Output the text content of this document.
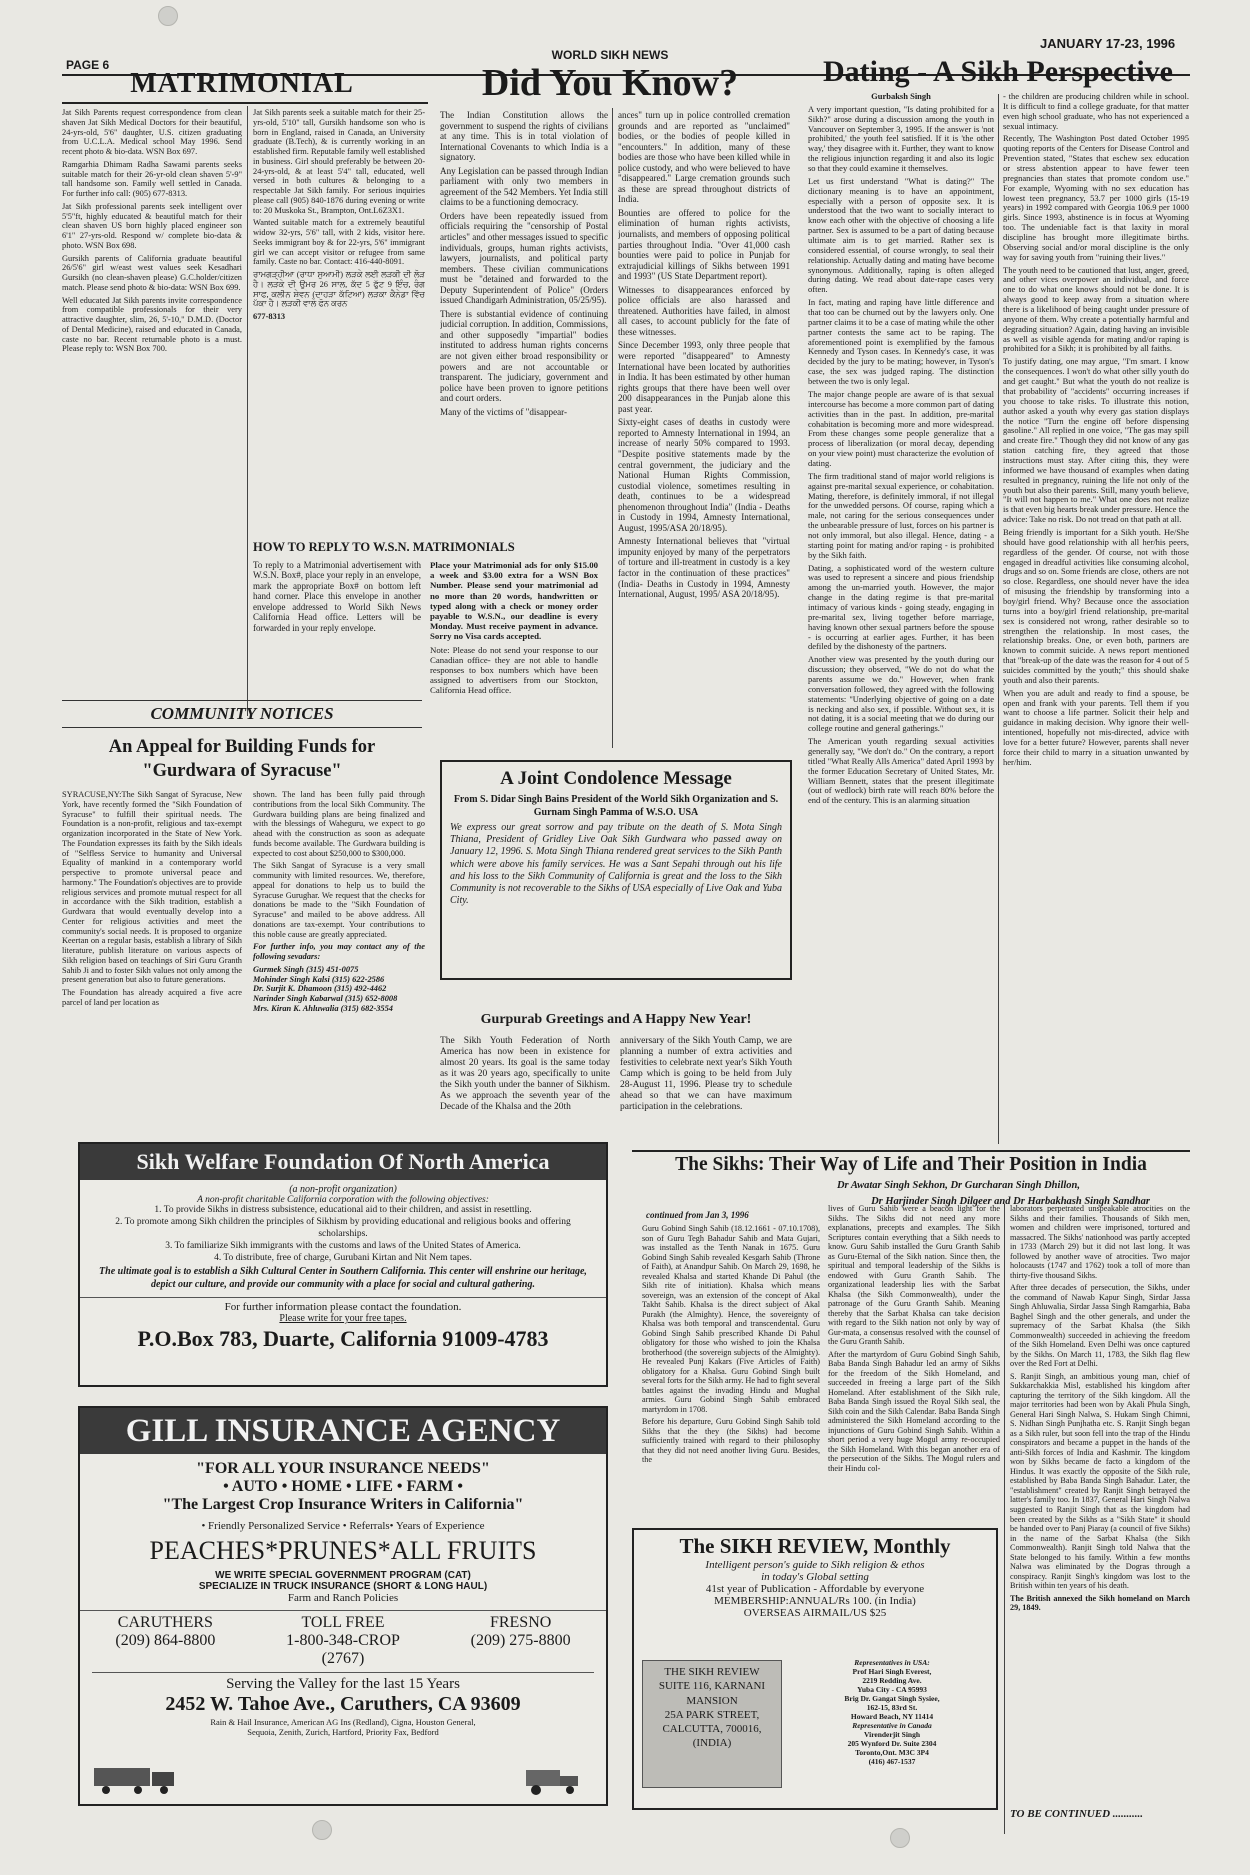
PAGE 6
WORLD SIKH NEWS
JANUARY 17-23, 1996
MATRIMONIAL

Jat Sikh Parents request correspondence from clean shaven Jat Sikh Medical Doctors for their beautiful, 24-yrs-old, 5'6" daughter, U.S. citizen graduating from U.C.L.A. Medical school May 1996. Send recent photo & bio-data. WSN Box 697.

Ramgarhia Dhimam Radha Sawami parents seeks suitable match for their 26-yr-old clean shaven 5'-9" tall handsome son. Family well settled in Canada. For further info call: (905) 677-8313.

Jat Sikh professional parents seek intelligent over 5'5"ft, highly educated & beautiful match for their clean shaven US born highly placed engineer son 6'1" 27-yrs-old. Respond w/ complete bio-data & photo. WSN Box 698.

Gursikh parents of California graduate beautiful 26/5'6" girl w/east west values seek Kesadhari Gursikh (no clean-shaven please) G.C.holder/citizen match. Please send photo & bio-data: WSN Box 699.

Well educated Jat Sikh parents invite correspondence from compatible professionals for their very attractive daughter, slim, 26, 5'-10," D.M.D. (Doctor of Dental Medicine), raised and educated in Canada, caste no bar. Recent returnable photo is a must. Please reply to: WSN Box 700.

Jat Sikh parents seek a suitable match for their 25-yrs-old, 5'10" tall, Gursikh handsome son who is born in England, raised in Canada, an University graduate (B.Tech), & is currently working in an established firm. Reputable family well established in business. Girl should preferably be between 20-24-yrs-old, & at least 5'4" tall, educated, well versed in both cultures & belonging to a respectable Jat Sikh family. For serious inquiries please call (905) 840-1876 during evening or write to: 20 Muskoka St., Brampton, Ont.L6Z3X1.

Wanted suitable match for a extremely beautiful widow 32-yrs, 5'6" tall, with 2 kids, visitor here. Seeks immigrant boy & for 22-yrs, 5'6" immigrant girl we can accept visitor or refugee from same family. Caste no bar. Contact: 416-440-8091.

ਰਾਮਗੜ੍ਹੀਆ (ਰਾਧਾ ਸੁਆਮੀ) ਲੜਕੇ ਲਈ ਲੜਕੀ ਦੀ ਲੋੜ ਹੈ। ਲੜਕੇ ਦੀ ਉਮਰ 26 ਸਾਲ, ਕੱਦ 5 ਫੁੱਟ 9 ਇੰਚ, ਰੰਗ ਸਾਫ, ਕਲੀਨ ਸ਼ੇਵਨ (ਦਾਹੜਾ ਕੱਟਿਆ) ਲੜਕਾ ਕੈਨੇਡਾ ਵਿੱਚ ਪੱਕਾ ਹੈ। ਲੜਕੀ ਵਾਲੇ ਫੋਨ ਕਰਨ

677-8313

HOW TO REPLY TO W.S.N. MATRIMONIALS
To reply to a Matrimonial advertisement with W.S.N. Box#, place your reply in an envelope, mark the appropriate Box# on bottom left hand corner. Place this envelope in another envelope addressed to World Sikh News California Head office. Letters will be forwarded in your reply envelope.

Place your Matrimonial ads for only $15.00 a week and $3.00 extra for a WSN Box Number. Please send your matrimonial ad no more than 20 words, handwritten or typed along with a check or money order payable to W.S.N., our deadline is every Monday. Must receive payment in advance. Sorry no Visa cards accepted.

Note: Please do not send your response to our Canadian office- they are not able to handle responses to box numbers which have been assigned to advertisers from our Stockton, California Head office.

COMMUNITY NOTICES
An Appeal for Building Funds for "Gurdwara of Syracuse"

SYRACUSE,NY:The Sikh Sangat of Syracuse, New York, have recently formed the "Sikh Foundation of Syracuse" to fulfill their spiritual needs. The Foundation is a non-profit, religious and tax-exempt organization incorporated in the State of New York. The Foundation expresses its faith by the Sikh ideals of "Selfless Service to humanity and Universal Equality of mankind in a contemporary world perspective to promote universal peace and harmony." The Foundation's objectives are to provide religious services and promote mutual respect for all in accordance with the Sikh tradition, establish a Gurdwara that would eventually develop into a Center for religious activities and meet the community's social needs. It is proposed to organize Keertan on a regular basis, establish a library of Sikh literature, publish literature on various aspects of Sikh religion based on teachings of Siri Guru Granth Sahib Ji and to foster Sikh values not only among the present generation but also to future generations.

The Foundation has already acquired a five acre parcel of land per location as

shown. The land has been fully paid through contributions from the local Sikh Community. The Gurdwara building plans are being finalized and with the blessings of Waheguru, we expect to go ahead with the construction as soon as adequate funds become available. The Gurdwara building is expected to cost about $250,000 to $300,000.

The Sikh Sangat of Syracuse is a very small community with limited resources. We, therefore, appeal for donations to help us to build the Syracuse Gurughar. We request that the checks for donations be made to the "Sikh Foundation of Syracuse" and mailed to be above address. All donations are tax-exempt. Your contributions to this noble cause are greatly appreciated.

For further info, you may contact any of the following sevadars:

Gurmek Singh (315) 451-0075
Mohinder Singh Kalsi (315) 622-2586
Dr. Surjit K. Dhamoon (315) 492-4462
Narinder Singh Kabarwal (315) 652-8008
Mrs. Kiran K. Ahluwalia (315) 682-3554
Did You Know?

The Indian Constitution allows the government to suspend the rights of civilians at any time. This is in total violation of International Covenants to which India is a signatory.

Any Legislation can be passed through Indian parliament with only two members in agreement of the 542 Members. Yet India still claims to be a functioning democracy.

Orders have been repeatedly issued from officials requiring the "censorship of Postal articles" and other messages issued to specific individuals, groups, human rights activists, lawyers, journalists, and political party members. These civilian communications must be "detained and forwarded to the Deputy Superintendent of Police" (Orders issued Chandigarh Administration, 05/25/95).

There is substantial evidence of continuing judicial corruption. In addition, Commissions, and other supposedly "impartial" bodies instituted to address human rights concerns are not given either broad responsibility or powers and are not accountable or transparent. The judiciary, government and police have been proven to ignore petitions and court orders.

Many of the victims of "disappear-

ances" turn up in police controlled cremation grounds and are reported as "unclaimed" bodies, or the bodies of people killed in "encounters." In addition, many of these bodies are those who have been killed while in police custody, and who were believed to have "disappeared." Large cremation grounds such as these are spread throughout districts of India.

Bounties are offered to police for the elimination of human rights activists, journalists, and members of opposing political parties throughout India. "Over 41,000 cash bounties were paid to police in Punjab for extrajudicial killings of Sikhs between 1991 and 1993" (US State Department report).

Witnesses to disappearances enforced by police officials are also harassed and threatened. Authorities have failed, in almost all cases, to account publicly for the fate of these witnesses.

Since December 1993, only three people that were reported "disappeared" to Amnesty International have been located by authorities in India. It has been estimated by other human rights groups that there have been well over 200 disappearances in the Punjab alone this past year.

Sixty-eight cases of deaths in custody were reported to Amnesty International in 1994, an increase of nearly 50% compared to 1993. "Despite positive statements made by the central government, the judiciary and the National Human Rights Commission, custodial violence, sometimes resulting in death, continues to be a widespread phenomenon throughout India" (India - Deaths in Custody in 1994, Amnesty International, August, 1995/ASA 20/18/95).

Amnesty International believes that "virtual impunity enjoyed by many of the perpetrators of torture and ill-treatment in custody is a key factor in the continuation of these practices" (India- Deaths in Custody in 1994, Amnesty International, August, 1995/ ASA 20/18/95).

A Joint Condolence Message
From S. Didar Singh Bains President of the World Sikh Organization and S. Gurnam Singh Pamma of W.S.O. USA
We express our great sorrow and pay tribute on the death of S. Mota Singh Thiana, President of Gridley Live Oak Sikh Gurdwara who passed away on January 12, 1996. S. Mota Singh Thiana rendered great services to the Sikh Panth which were above his family services. He was a Sant Sepahi through out his life and his loss to the Sikh Community of California is great and the loss to the Sikh Community is not recoverable to the Sikhs of USA especially of Live Oak and Yuba City.
Gurpurab Greetings and A Happy New Year!
The Sikh Youth Federation of North America has now been in existence for almost 20 years. Its goal is the same today as it was 20 years ago, specifically to unite the Sikh youth under the banner of Sikhism. As we approach the seventh year of the Decade of the Khalsa and the 20th
anniversary of the Sikh Youth Camp, we are planning a number of extra activities and festivities to celebrate next year's Sikh Youth Camp which is going to be held from July 28-August 11, 1996. Please try to schedule ahead so that we can have maximum participation in the celebrations.
Dating - A Sikh Perspective

Gurbaksh Singh

A very important question, "Is dating prohibited for a Sikh?" arose during a discussion among the youth in Vancouver on September 3, 1995. If the answer is 'not prohibited,' the youth feel satisfied. If it is 'the other way,' they disagree with it. Further, they want to know the religious injunction regarding it and also its logic so that they could examine it themselves.

Let us first understand "What is dating?" The dictionary meaning is to have an appointment, especially with a person of opposite sex. It is understood that the two want to socially interact to know each other with the objective of choosing a life partner. Sex is assumed to be a part of dating because ultimate aim is to get married. Rather sex is considered essential, of course wrongly, to seal their relationship. Actually dating and mating have become synonymous. Additionally, raping is often alleged during dating. We read about date-rape cases very often.

In fact, mating and raping have little difference and that too can be churned out by the lawyers only. One partner claims it to be a case of mating while the other partner contests the same act to be raping. The aforementioned point is exemplified by the famous Kennedy and Tyson cases. In Kennedy's case, it was decided by the jury to be mating; however, in Tyson's case, the sex was judged raping. The distinction between the two is only legal.

The major change people are aware of is that sexual intercourse has become a more common part of dating activities than in the past. In addition, pre-marital cohabitation is becoming more and more widespread. From these changes some people generalize that a process of liberalization (or moral decay, depending on your view point) must characterize the evolution of dating.

The firm traditional stand of major world religions is against pre-marital sexual experience, or cohabitation. Mating, therefore, is definitely immoral, if not illegal for the unwedded persons. Of course, raping which a male, not caring for the serious consequences under the unbearable pressure of lust, forces on his partner is not only immoral, but also illegal. Hence, dating - a starting point for mating and/or raping - is prohibited by the Sikh faith.

Dating, a sophisticated word of the western culture was used to represent a sincere and pious friendship among the un-married youth. However, the major change in the dating regime is that pre-marital intimacy of various kinds - going steady, engaging in pre-marital sex, living together before marriage, having known other sexual partners before the spouse - is occurring at earlier ages. Further, it has been defiled by the dishonesty of the partners.

Another view was presented by the youth during our discussion; they observed, "We do not do what the parents assume we do." However, when frank conversation followed, they agreed with the following statements: "Underlying objective of going on a date is necking and also sex, if possible. Without sex, it is not dating, it is a social meeting that we do during our college routine and general gatherings."

The American youth regarding sexual activities generally say, "We don't do." On the contrary, a report titled "What Really Alls America" dated April 1993 by the former Education Secretary of United States, Mr. William Bennett, states that the present illegitimate (out of wedlock) birth rate will reach 80% before the end of the century. This is an alarming situation

- the children are producing children while in school. It is difficult to find a college graduate, for that matter even high school graduate, who has not experienced a sexual intimacy.

Recently, The Washington Post dated October 1995 quoting reports of the Centers for Disease Control and Prevention stated, "States that eschew sex education or stress abstention appear to have fewer teen pregnancies than states that promote condom use." For example, Wyoming with no sex education has lowest teen pregnancy, 53.7 per 1000 girls (15-19 years) in 1992 compared with Georgia 106.9 per 1000 girls. Since 1993, abstinence is in focus at Wyoming too. The undeniable fact is that laxity in moral discipline has brought more illegitimate births. Observing social and/or moral discipline is the only way for saving youth from "ruining their lives."

The youth need to be cautioned that lust, anger, greed, and other vices overpower an individual, and force one to do what one knows should not be done. It is always good to keep away from a situation where there is a likelihood of being caught under pressure of anyone of them. Why create a potentially harmful and degrading situation? Again, dating having an invisible as well as visible agenda for mating and/or raping is prohibited for a Sikh; it is prohibited by all faiths.

To justify dating, one may argue, "I'm smart. I know the consequences. I won't do what other silly youth do and get caught." But what the youth do not realize is that probability of "accidents" occurring increases if you choose to take risks. To illustrate this notion, author asked a youth why every gas station displays the notice "Turn the engine off before dispensing gasoline." All replied in one voice, "The gas may spill and create fire." Though they did not know of any gas station catching fire, they agreed that those instructions must stay. After citing this, they were informed we have thousand of examples when dating resulted in pregnancy, ruining the life not only of the youth but also their parents. Still, many youth believe, "It will not happen to me." What one does not realize is that even big hearts break under pressure. Hence the advice: Take no risk. Do not tread on that path at all.

Being friendly is important for a Sikh youth. He/She should have good relationship with all her/his peers, regardless of the gender. Of course, not with those engaged in dreadful activities like consuming alcohol, drugs and so on. Some friends are close, others are not so close. Regardless, one should never have the idea of misusing the friendship by transforming into a boy/girl friend. Why? Because once the association turns into a boy/girl friend relationship, pre-marital sex is considered not wrong, rather desirable so to strengthen the relationship. In most cases, the relationship breaks. One, or even both, partners are known to commit suicide. A news report mentioned that "break-up of the date was the reason for 4 out of 5 suicides committed by the youth;" this should shake youth and also their parents.

When you are adult and ready to find a spouse, be open and frank with your parents. Tell them if you want to choose a life partner. Solicit their help and guidance in making decision. Why ignore their well-intentioned, hopefully not mis-directed, advice with love for a better future? However, parents shall never force their child to marry in a situation unwanted by her/him.

The Sikhs: Their Way of Life and Their Position in India
Dr Awatar Singh Sekhon, Dr Gurcharan Singh Dhillon,
Dr Harjinder Singh Dilgeer and Dr Harbakhash Singh Sandhar
continued from Jan 3, 1996

Guru Gobind Singh Sahib (18.12.1661 - 07.10.1708), son of Guru Tegh Bahadur Sahib and Mata Gujari, was installed as the Tenth Nanak in 1675. Guru Gobind Singh Sahib revealed Kesgarh Sahib (Throne of Faith), at Anandpur Sahib. On March 29, 1698, he revealed Khalsa and started Khande Di Pahul (the Sikh rite of initiation). Khalsa which means sovereign, was an extension of the concept of Akal Takht Sahib. Khalsa is the direct subject of Akal Purakh (the Almighty). Hence, the sovereignty of Khalsa was both temporal and transcendental. Guru Gobind Singh Sahib prescribed Khande Di Pahul obligatory for those who wished to join the Khalsa brotherhood (the sovereign subjects of the Almighty). He revealed Punj Kakars (Five Articles of Faith) obligatory for a Khalsa. Guru Gobind Singh built several forts for the Sikh army. He had to fight several battles against the invading Hindu and Mughal armies. Guru Gobind Singh Sahib embraced martyrdom in 1708.

Before his departure, Guru Gobind Singh Sahib told Sikhs that the they (the Sikhs) had become sufficiently trained with regard to their philosophy that they did not need another living Guru. Besides, the

lives of Guru Sahib were a beacon light for the Sikhs. The Sikhs did not need any more explanations, precepts and examples. The Sikh Scriptures contain everything that a Sikh needs to know. Guru Sahib installed the Guru Granth Sahib as Guru-Eternal of the Sikh nation. Since then, the spiritual and temporal leadership of the Sikhs is endowed with Guru Granth Sahib. The organizational leadership lies with the Sarbat Khalsa (the Sikh Commonwealth), under the patronage of the Guru Granth Sahib. Meaning thereby that the Sarbat Khalsa can take decision with regard to the Sikh nation not only by way of Gur-mata, a consensus resolved with the counsel of the Guru Granth Sahib.

After the martyrdom of Guru Gobind Singh Sahib, Baba Banda Singh Bahadur led an army of Sikhs for the freedom of the Sikh Homeland, and succeeded in freeing a large part of the Sikh Homeland. After establishment of the Sikh rule, Baba Banda Singh issued the Royal Sikh seal, the Sikh coin and the Sikh Calendar. Baba Banda Singh administered the Sikh Homeland according to the injunctions of Guru Gobind Singh Sahib. Within a short period a very huge Mogul army re-occupied the Sikh Homeland. With this began another era of the persecution of the Sikhs. The Mogul rulers and their Hindu col-

laborators perpetrated unspeakable atrocities on the Sikhs and their families. Thousands of Sikh men, women and children were imprisoned, tortured and massacred. The Sikhs' nationhood was partly accepted in 1733 (March 29) but it did not last long. It was followed by another wave of atrocities. Two major holocausts (1747 and 1762) took a toll of more than thirty-five thousand Sikhs.

After three decades of persecution, the Sikhs, under the command of Nawab Kapur Singh, Sirdar Jassa Singh Ahluwalia, Sirdar Jassa Singh Ramgarhia, Baba Baghel Singh and the other generals, and under the supremacy of the Sarbat Khalsa (the Sikh Commonwealth) succeeded in achieving the freedom of the Sikh Homeland. Even Delhi was once captured by the Sikhs. On March 11, 1783, the Sikh flag flew over the Red Fort at Delhi.

S. Ranjit Singh, an ambitious young man, chief of Sukkarchakkia Misl, established his kingdom after capturing the territory of the Sikh kingdom. All the major territories had been won by Akali Phula Singh, General Hari Singh Nalwa, S. Hukam Singh Chimni, S. Nidhan Singh Punjhatha etc. S. Ranjit Singh began as a Sikh ruler, but soon fell into the trap of the Hindu conspirators and became a puppet in the hands of the anti-Sikh forces of India and Kashmir. The kingdom won by Sikhs became de facto a kingdom of the Hindus. It was exactly the opposite of the Sikh rule, established by Baba Banda Singh Bahadur. Later, the "establishment" created by Ranjit Singh betrayed the latter's family too. In 1837, General Hari Singh Nalwa suggested to Ranjit Singh that as the kingdom had been created by the Sikhs as a "Sikh State" it should be handed over to Panj Piaray (a council of five Sikhs) in the name of the Sarbat Khalsa (the Sikh Commonwealth). Ranjit Singh told Nalwa that the State belonged to his family. Within a few months Nalwa was eliminated by the Dogras through a conspiracy. Ranjit Singh's kingdom was lost to the British within ten years of his death.

The British annexed the Sikh homeland on March 29, 1849.

TO BE CONTINUED ...........
Sikh Welfare Foundation Of North America
(a non-profit organization)
A non-profit charitable California corporation with the following objectives:
1. To provide Sikhs in distress subsistence, educational aid to their children, and assist in resettling.
2. To promote among Sikh children the principles of Sikhism by providing educational and religious books and offering scholarships.
3. To familiarize Sikh immigrants with the customs and laws of the United States of America.
4. To distribute, free of charge, Gurubani Kirtan and Nit Nem tapes.
The ultimate goal is to establish a Sikh Cultural Center in Southern California. This center will enshrine our heritage, depict our culture, and provide our community with a place for social and cultural gathering.
For further information please contact the foundation.
Please write for your free tapes.
P.O.Box 783, Duarte, California 91009-4783
GILL INSURANCE AGENCY
"FOR ALL YOUR INSURANCE NEEDS"
• AUTO • HOME • LIFE • FARM •
"The Largest Crop Insurance Writers in California"
• Friendly Personalized Service • Referrals• Years of Experience
PEACHES*PRUNES*ALL FRUITS
WE WRITE SPECIAL GOVERNMENT PROGRAM (CAT)
SPECIALIZE IN TRUCK INSURANCE (SHORT & LONG HAUL)
Farm and Ranch Policies
CARUTHERS
(209) 864-8800
TOLL FREE
1-800-348-CROP
(2767)
FRESNO
(209) 275-8800
Serving the Valley for the last 15 Years
2452 W. Tahoe Ave., Caruthers, CA 93609
Rain & Hail Insurance, American AG Ins (Redland), Cigna, Houston General, Sequoia, Zenith, Zurich, Hartford, Priority Fax, Bedford
The SIKH REVIEW, Monthly
Intelligent person's guide to Sikh religion & ethos
in today's Global setting
41st year of Publication - Affordable by everyone
MEMBERSHIP:ANNUAL/Rs 100. (in India)
OVERSEAS AIRMAIL/US $25
THE SIKH REVIEW
SUITE 116, KARNANI
MANSION
25A PARK STREET,
CALCUTTA, 700016,
(INDIA)
Representatives in USA:
Prof Hari Singh Everest,
2219 Redding Ave.
Yuba City - CA 95993
Brig Dr. Gangat Singh Sysiee,
162-15, 83rd St.
Howard Beach, NY 11414
Representative in Canada
Virenderjit Singh
205 Wynford Dr. Suite 2304
Toronto,Ont. M3C 3P4
(416) 467-1537
